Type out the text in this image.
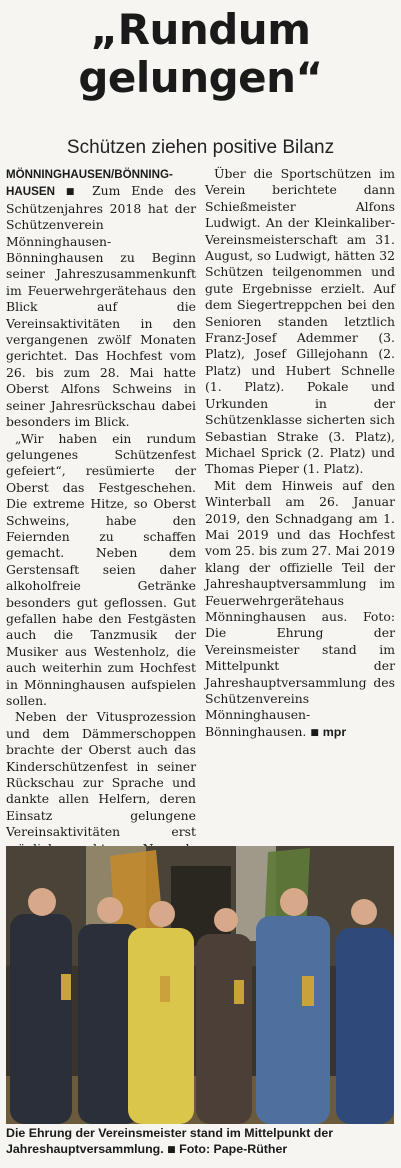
„Rundum
gelungen“
Schützen ziehen positive Bilanz

MÖNNINGHAUSEN/BÖNNING-HAUSEN ■ Zum Ende des Schützenjahres 2018 hat der Schützenverein Mönninghausen-Bönninghausen zu Beginn seiner Jahreszusammenkunft im Feuerwehrgerätehaus den Blick auf die Vereinsaktivitäten in den vergangenen zwölf Monaten gerichtet. Das Hochfest vom 26. bis zum 28. Mai hatte Oberst Alfons Schweins in seiner Jahresrückschau dabei besonders im Blick.

„Wir haben ein rundum gelungenes Schützenfest gefeiert“, resümierte der Oberst das Festgeschehen. Die extreme Hitze, so Oberst Schweins, habe den Feiernden zu schaffen gemacht. Neben dem Gerstensaft seien daher alkoholfreie Getränke besonders gut geflossen. Gut gefallen habe den Festgästen auch die Tanzmusik der Musiker aus Westenholz, die auch weiterhin zum Hochfest in Mönninghausen aufspielen sollen.

Neben der Vitusprozession und dem Dämmerschoppen brachte der Oberst auch das Kinderschützenfest in seiner Rückschau zur Sprache und dankte allen Helfern, deren Einsatz gelungene Vereinsaktivitäten erst

Über die Sportschützen im Verein berichtete dann Schießmeister Alfons Ludwigt. An der Kleinkaliber-Vereinsmeisterschaft am 31. August, so Ludwigt, hätten 32 Schützen teilgenommen und gute Ergebnisse erzielt. Auf dem Siegertreppchen bei den Senioren standen letztlich Franz-Josef Ademmer (3. Platz), Josef Gillejohann (2. Platz) und Hubert Schnelle (1. Platz). Pokale und Urkunden in der Schützenklasse sicherten sich Sebastian Strake (3. Platz), Michael Sprick (2. Platz) und Thomas Pieper (1. Platz).

Mit dem Hinweis auf den Winterball am 26. Januar 2019, den Schnadgang am 1. Mai 2019 und das Hochfest vom 25. bis zum 27. Mai 2019 klang der offizielle Teil der Jahreshauptversammlung im Feuerwehrgerätehaus Mönninghausen aus. Foto: Die Ehrung der Vereinsmeister stand im Mittelpunkt der Jahreshauptversammlung des Schützenvereins Mönninghausen-Bönninghausen. ■ mpr

Die Ehrung der Vereinsmeister stand im Mittelpunkt der Jahreshauptversammlung. ■ Foto: Pape-Rüther
